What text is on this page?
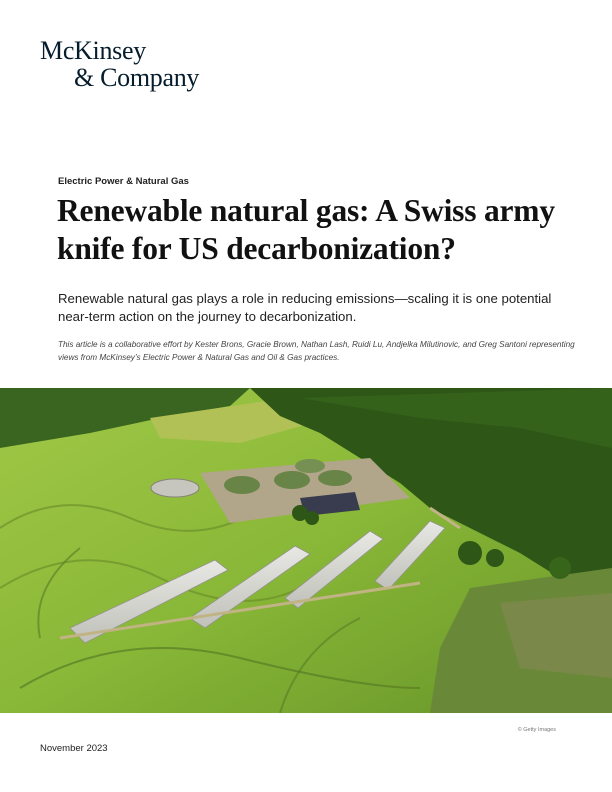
McKinsey
& Company
Electric Power & Natural Gas
Renewable natural gas: A Swiss army knife for US decarbonization?

Renewable natural gas plays a role in reducing emissions—scaling it is one potential near-term action on the journey to decarbonization.

This article is a collaborative effort by Kester Brons, Gracie Brown, Nathan Lash, Ruidi Lu, Andjelka Milutinovic, and Greg Santoni representing views from McKinsey’s Electric Power & Natural Gas and Oil & Gas practices.

© Getty Images
November 2023
